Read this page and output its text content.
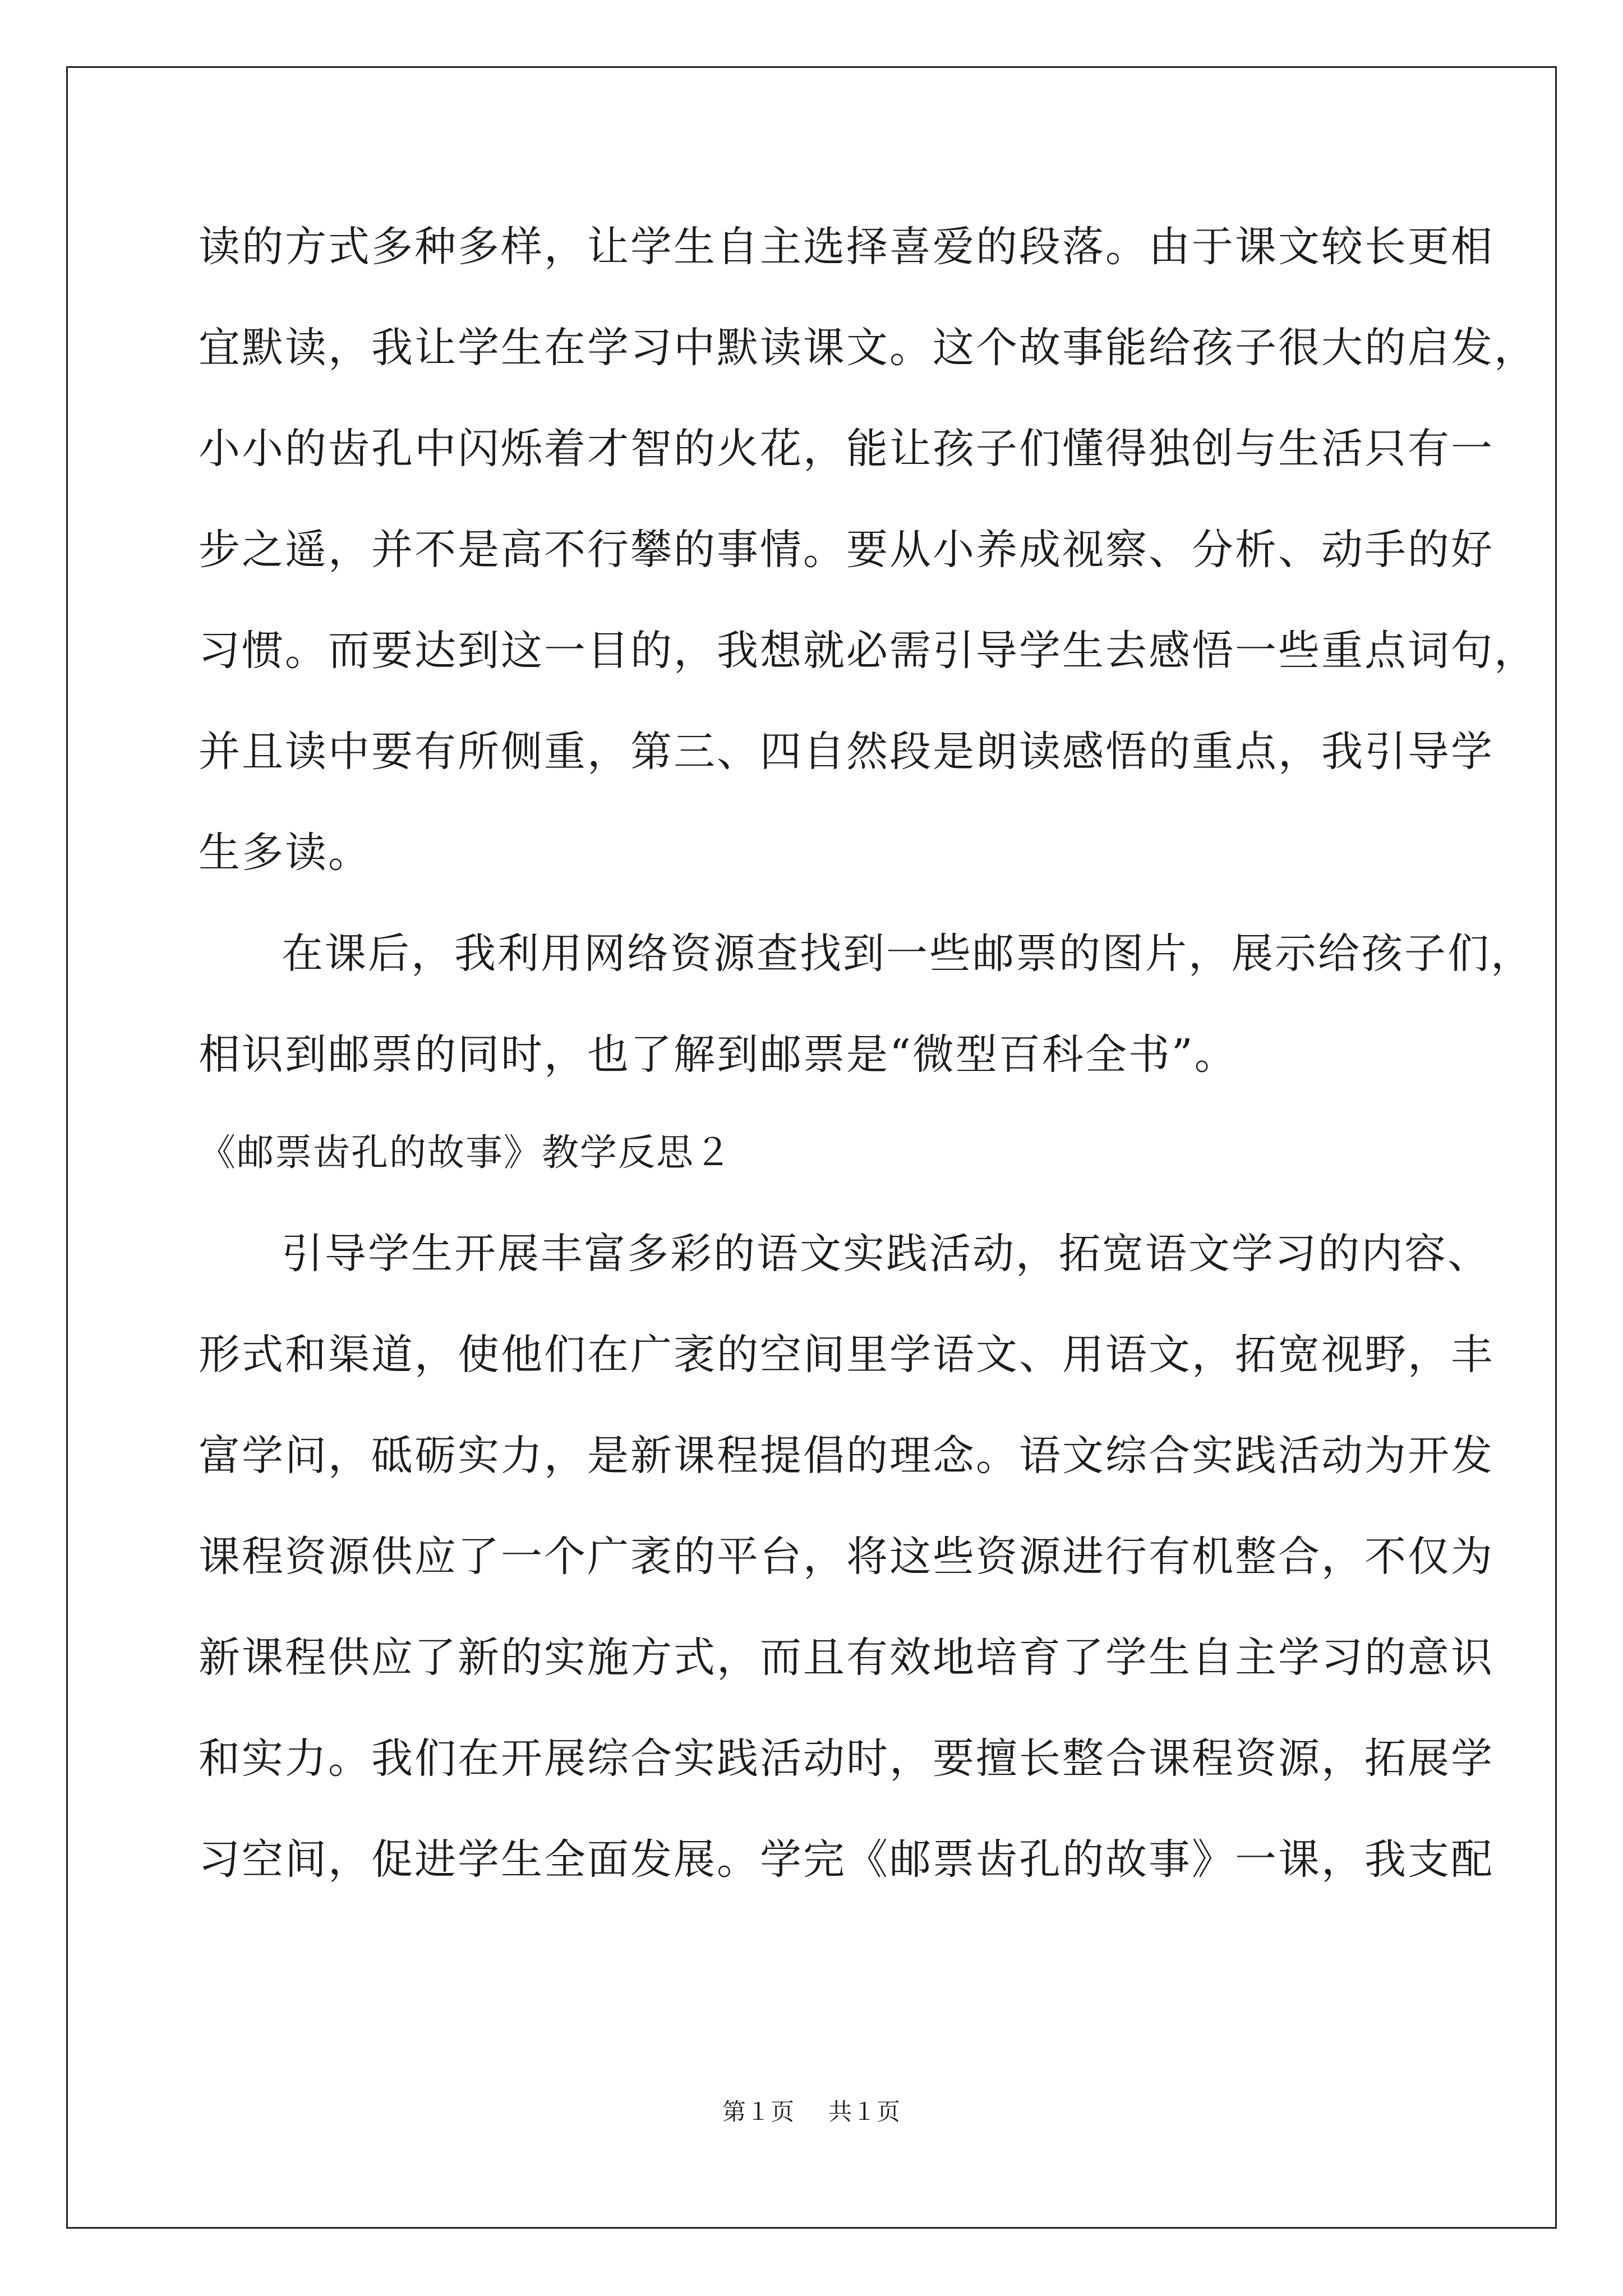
读的方式多种多样，让学生自主选择喜爱的段落。由于课文较长更相

宜默读，我让学生在学习中默读课文。这个故事能给孩子很大的启发，

小小的齿孔中闪烁着才智的火花，能让孩子们懂得独创与生活只有一

步之遥，并不是高不行攀的事情。要从小养成视察、分析、动手的好

习惯。而要达到这一目的，我想就必需引导学生去感悟一些重点词句，

并且读中要有所侧重，第三、四自然段是朗读感悟的重点，我引导学

生多读。

在课后，我利用网络资源查找到一些邮票的图片，展示给孩子们，

相识到邮票的同时，也了解到邮票是“微型百科全书”。

《邮票齿孔的故事》教学反思２

引导学生开展丰富多彩的语文实践活动，拓宽语文学习的内容、

形式和渠道，使他们在广袤的空间里学语文、用语文，拓宽视野，丰

富学问，砥砺实力，是新课程提倡的理念。语文综合实践活动为开发

课程资源供应了一个广袤的平台，将这些资源进行有机整合，不仅为

新课程供应了新的实施方式，而且有效地培育了学生自主学习的意识

和实力。我们在开展综合实践活动时，要擅长整合课程资源，拓展学

习空间，促进学生全面发展。学完《邮票齿孔的故事》一课，我支配

第１页 共１页
